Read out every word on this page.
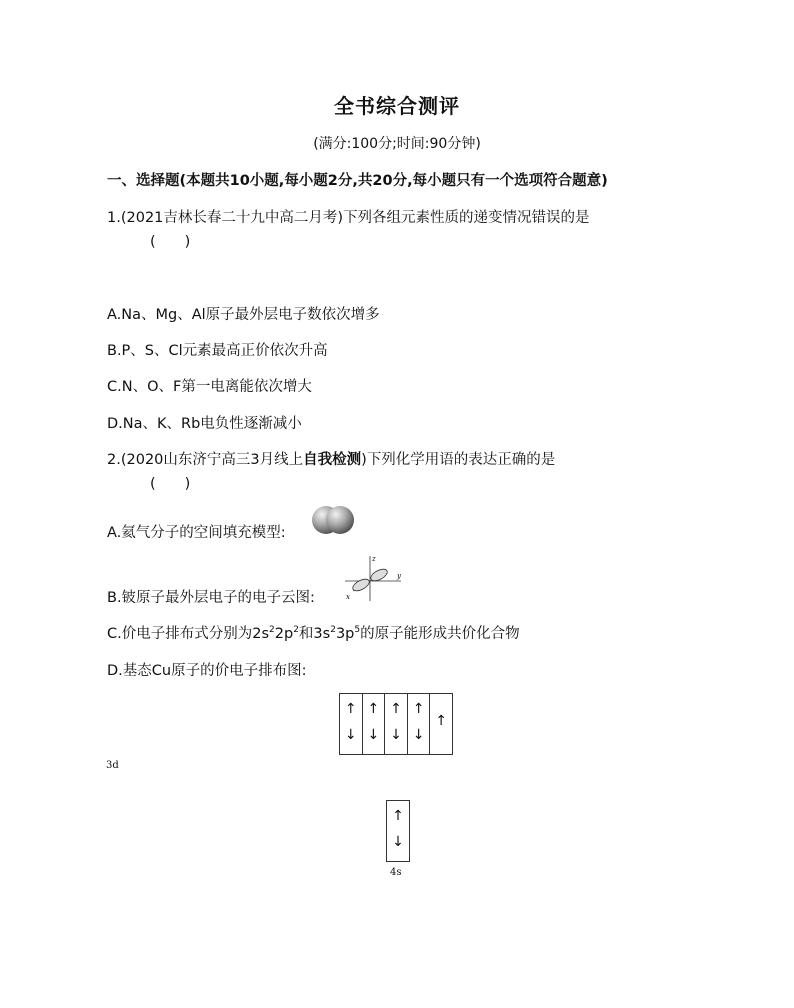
全书综合测评
(满分:100分;时间:90分钟)
一、选择题(本题共10小题,每小题2分,共20分,每小题只有一个选项符合题意)
1.(2021吉林长春二十九中高二月考)下列各组元素性质的递变情况错误的是
(　　)
A.Na、Mg、Al原子最外层电子数依次增多
B.P、S、Cl元素最高正价依次升高
C.N、O、F第一电离能依次增大
D.Na、K、Rb电负性逐渐减小
2.(2020山东济宁高三3月线上自我检测)下列化学用语的表达正确的是
(　　)
A.氦气分子的空间填充模型:
B.铍原子最外层电子的电子云图:
z
y
x
C.价电子排布式分别为$2s^22p^2$和$3s^23p^5$的原子能形成共价化合物
D.基态Cu原子的价电子排布图:
↑
↓
↑
↓
↑
↓
↑
↓
↑
3d
↑
↓
4s
